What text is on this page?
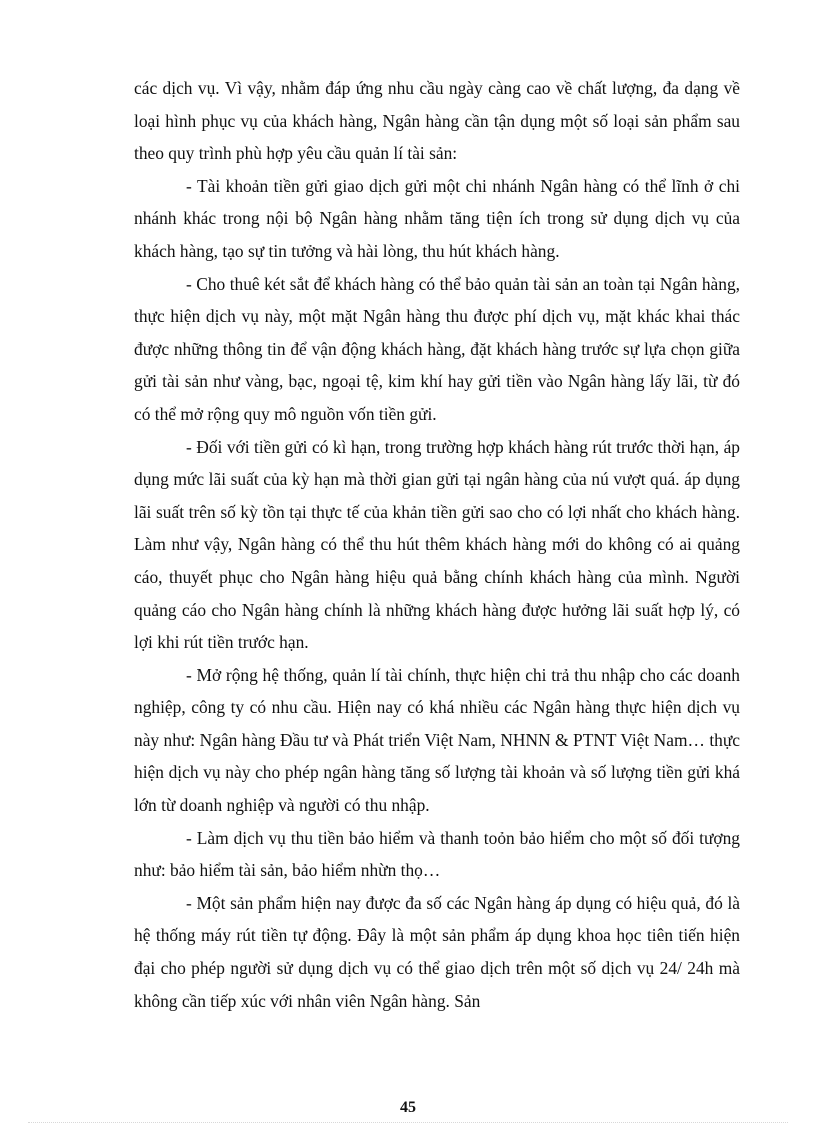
các dịch vụ. Vì vậy, nhằm đáp ứng nhu cầu ngày càng cao về chất lượng, đa dạng về loại hình phục vụ của khách hàng, Ngân hàng cần tận dụng một số loại sản phẩm sau theo quy trình phù hợp yêu cầu quản lí tài sản:

- Tài khoản tiền gửi giao dịch gửi một chi nhánh Ngân hàng có thể lĩnh ở chi nhánh khác trong nội bộ Ngân hàng nhằm tăng tiện ích trong sử dụng dịch vụ của khách hàng, tạo sự tin tưởng và hài lòng, thu hút khách hàng.

- Cho thuê két sắt để khách hàng có thể bảo quản tài sản an toàn tại Ngân hàng, thực hiện dịch vụ này, một mặt Ngân hàng thu được phí dịch vụ, mặt khác khai thác được những thông tin để vận động khách hàng, đặt khách hàng trước sự lựa chọn giữa gửi tài sản như vàng, bạc, ngoại tệ, kim khí hay gửi tiền vào Ngân hàng lấy lãi, từ đó có thể mở rộng quy mô nguồn vốn tiền gửi.

- Đối với tiền gửi có kì hạn, trong trường hợp khách hàng rút trước thời hạn, áp dụng mức lãi suất của kỳ hạn mà thời gian gửi tại ngân hàng của nú vượt quá. áp dụng lãi suất trên số kỳ tồn tại thực tế của khản tiền gửi sao cho có lợi nhất cho khách hàng. Làm như vậy, Ngân hàng có thể thu hút thêm khách hàng mới do không có ai quảng cáo, thuyết phục cho Ngân hàng hiệu quả bằng chính khách hàng của mình. Người quảng cáo cho Ngân hàng chính là những khách hàng được hưởng lãi suất hợp lý, có lợi khi rút tiền trước hạn.

- Mở rộng hệ thống, quản lí tài chính, thực hiện chi trả thu nhập cho các doanh nghiệp, công ty có nhu cầu. Hiện nay có khá nhiều các Ngân hàng thực hiện dịch vụ này như: Ngân hàng Đầu tư và Phát triển Việt Nam, NHNN & PTNT Việt Nam… thực hiện dịch vụ này cho phép ngân hàng tăng số lượng tài khoản và số lượng tiền gửi khá lớn từ doanh nghiệp và người có thu nhập.

- Làm dịch vụ thu tiền bảo hiểm và thanh toỏn bảo hiểm cho một số đối tượng như: bảo hiểm tài sản, bảo hiểm nhừn thọ…

- Một sản phẩm hiện nay được đa số các Ngân hàng áp dụng có hiệu quả, đó là hệ thống máy rút tiền tự động. Đây là một sản phẩm áp dụng khoa học tiên tiến hiện đại cho phép người sử dụng dịch vụ có thể giao dịch trên một số dịch vụ 24/ 24h mà không cần tiếp xúc với nhân viên Ngân hàng. Sản

45
